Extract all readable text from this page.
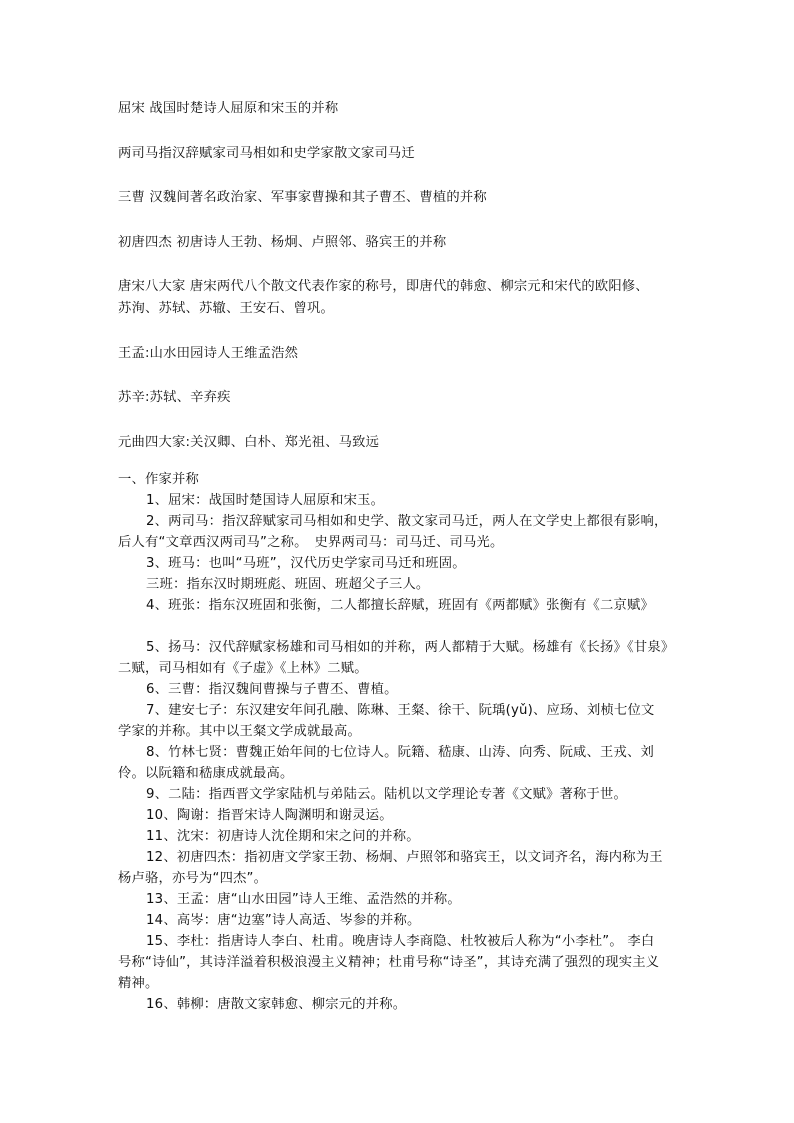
屈宋 战国时楚诗人屈原和宋玉的并称
两司马指汉辞赋家司马相如和史学家散文家司马迁
三曹 汉魏间著名政治家、军事家曹操和其子曹丕、曹植的并称
初唐四杰 初唐诗人王勃、杨炯、卢照邻、骆宾王的并称
唐宋八大家 唐宋两代八个散文代表作家的称号，即唐代的韩愈、柳宗元和宋代的欧阳修、
苏洵、苏轼、苏辙、王安石、曾巩。
王孟:山水田园诗人王维孟浩然
苏辛:苏轼、辛弃疾
元曲四大家:关汉卿、白朴、郑光祖、马致远
一、作家并称
1、屈宋：战国时楚国诗人屈原和宋玉。
2、两司马：指汉辞赋家司马相如和史学、散文家司马迁，两人在文学史上都很有影响，
后人有“文章西汉两司马”之称。　史界两司马：司马迁、司马光。
3、班马：也叫“马班”，汉代历史学家司马迁和班固。
三班：指东汉时期班彪、班固、班超父子三人。
4、班张：指东汉班固和张衡，二人都擅长辞赋，班固有《两都赋》张衡有《二京赋》
5、扬马：汉代辞赋家杨雄和司马相如的并称，两人都精于大赋。杨雄有《长扬》《甘泉》
二赋，司马相如有《子虚》《上林》二赋。
6、三曹：指汉魏间曹操与子曹丕、曹植。
7、建安七子：东汉建安年间孔融、陈琳、王粲、徐干、阮瑀(yǔ)、应玚、刘桢七位文
学家的并称。其中以王粲文学成就最高。
8、竹林七贤：曹魏正始年间的七位诗人。阮籍、嵇康、山涛、向秀、阮咸、王戎、刘
伶。以阮籍和嵇康成就最高。
9、二陆：指西晋文学家陆机与弟陆云。陆机以文学理论专著《文赋》著称于世。
10、陶谢：指晋宋诗人陶渊明和谢灵运。
11、沈宋：初唐诗人沈佺期和宋之问的并称。
12、初唐四杰：指初唐文学家王勃、杨炯、卢照邻和骆宾王，以文词齐名，海内称为王
杨卢骆，亦号为“四杰”。
13、王孟：唐“山水田园”诗人王维、孟浩然的并称。
14、高岑：唐“边塞”诗人高适、岑参的并称。
15、李杜：指唐诗人李白、杜甫。晚唐诗人李商隐、杜牧被后人称为“小李杜”。 李白
号称“诗仙”，其诗洋溢着积极浪漫主义精神；杜甫号称“诗圣”，其诗充满了强烈的现实主义
精神。
16、韩柳：唐散文家韩愈、柳宗元的并称。
